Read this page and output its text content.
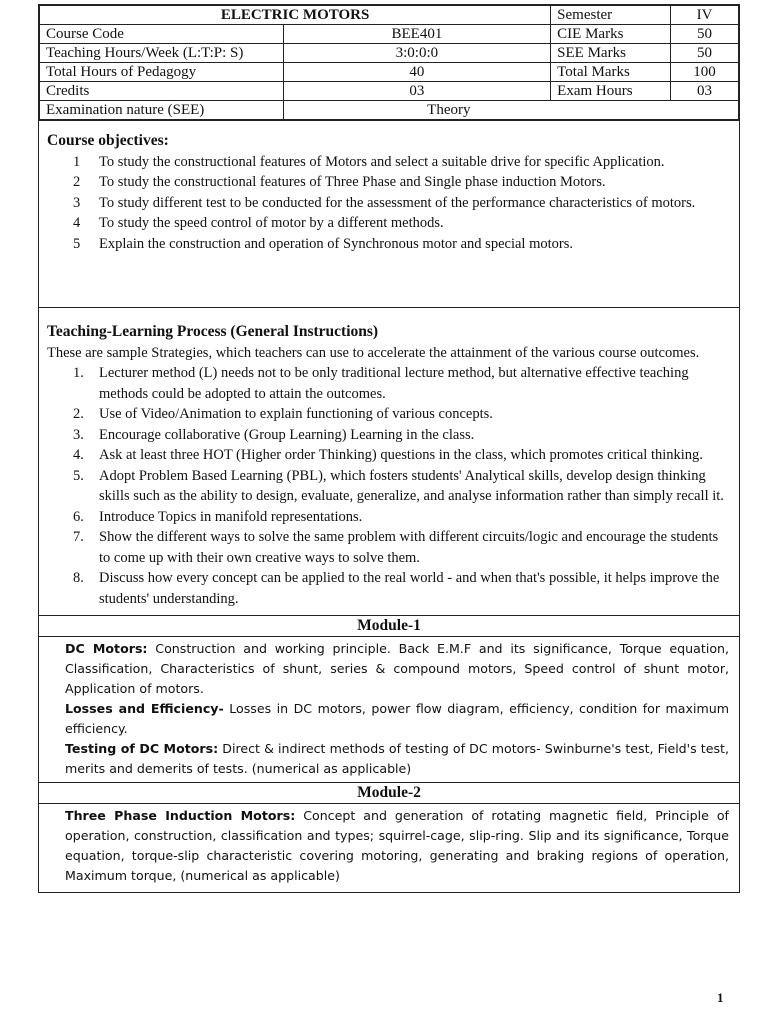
ELECTRIC MOTORS		Semester	IV
Course Code	BEE401	CIE Marks	50
Teaching Hours/Week (L:T:P: S)	3:0:0:0	SEE Marks	50
Total Hours of Pedagogy	40	Total Marks	100
Credits	03	Exam Hours	03
Examination nature (SEE)	Theory		
Course objectives:
1 To study the constructional features of Motors and select a suitable drive for specific Application.
2 To study the constructional features of Three Phase and Single phase induction Motors.
3 To study different test to be conducted for the assessment of the performance characteristics of motors.
4 To study the speed control of motor by a different methods.
5 Explain the construction and operation of Synchronous motor and special motors.
Teaching-Learning Process (General Instructions)
These are sample Strategies, which teachers can use to accelerate the attainment of the various course outcomes.
1. Lecturer method (L) needs not to be only traditional lecture method, but alternative effective teaching methods could be adopted to attain the outcomes.
2. Use of Video/Animation to explain functioning of various concepts.
3. Encourage collaborative (Group Learning) Learning in the class.
4. Ask at least three HOT (Higher order Thinking) questions in the class, which promotes critical thinking.
5. Adopt Problem Based Learning (PBL), which fosters students' Analytical skills, develop design thinking skills such as the ability to design, evaluate, generalize, and analyse information rather than simply recall it.
6. Introduce Topics in manifold representations.
7. Show the different ways to solve the same problem with different circuits/logic and encourage the students to come up with their own creative ways to solve them.
8. Discuss how every concept can be applied to the real world - and when that's possible, it helps improve the students' understanding.
Module-1

DC Motors: Construction and working principle. Back E.M.F and its significance, Torque equation, Classification, Characteristics of shunt, series & compound motors, Speed control of shunt motor, Application of motors.

Losses and Efficiency- Losses in DC motors, power flow diagram, efficiency, condition for maximum efficiency.

Testing of DC Motors: Direct & indirect methods of testing of DC motors- Swinburne's test, Field's test, merits and demerits of tests. (numerical as applicable)

Module-2

Three Phase Induction Motors: Concept and generation of rotating magnetic field, Principle of operation, construction, classification and types; squirrel-cage, slip-ring. Slip and its significance, Torque equation, torque-slip characteristic covering motoring, generating and braking regions of operation, Maximum torque, (numerical as applicable)

1
